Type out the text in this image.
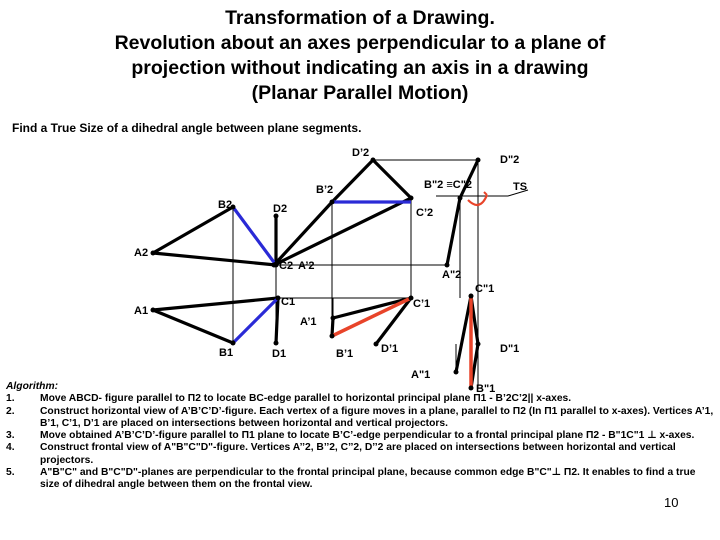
Transformation of a Drawing.
Revolution about an axes perpendicular to a plane of
projection without indicating an axis in a drawing
(Planar Parallel Motion)
Find a True Size of a dihedral angle between plane segments.
D’2
D"2
B’2	B"2 ≡C"2	TS
B2	D2	C’2
A2
C2 A’2
A"2
C"1
A1
C1	C’1
A’1
B1	D1	B’1	D’1	D"1
A"1
B"1
Algorithm:
1.	Move ABCD- figure parallel to П2 to locate BC-edge parallel to horizontal principal plane П1 - B’2C’2|| x-axes.
2.	Construct horizontal view of A’B’C’D’-figure. Each vertex of a figure moves in a plane, parallel to П2 (In П1 parallel to x-axes). Vertices A’1, B’1, C’1, D’1 are placed on intersections between horizontal and vertical projectors.
3.	Move obtained A’B’C’D’-figure parallel to П1 plane to locate B’C’-edge perpendicular to a frontal principal plane П2 - B"1C"1 ⊥ x-axes.
4.	Construct frontal view of A"B"C"D"-figure. Vertices A’’2, B’’2, C’’2, D’’2 are placed on intersections between horizontal and vertical projectors.
5.	A"B"C" and B"C"D"-planes are perpendicular to the frontal principal plane, because common edge B"C"⊥ П2. It enables to find a true size of dihedral angle between them on the frontal view.
10
